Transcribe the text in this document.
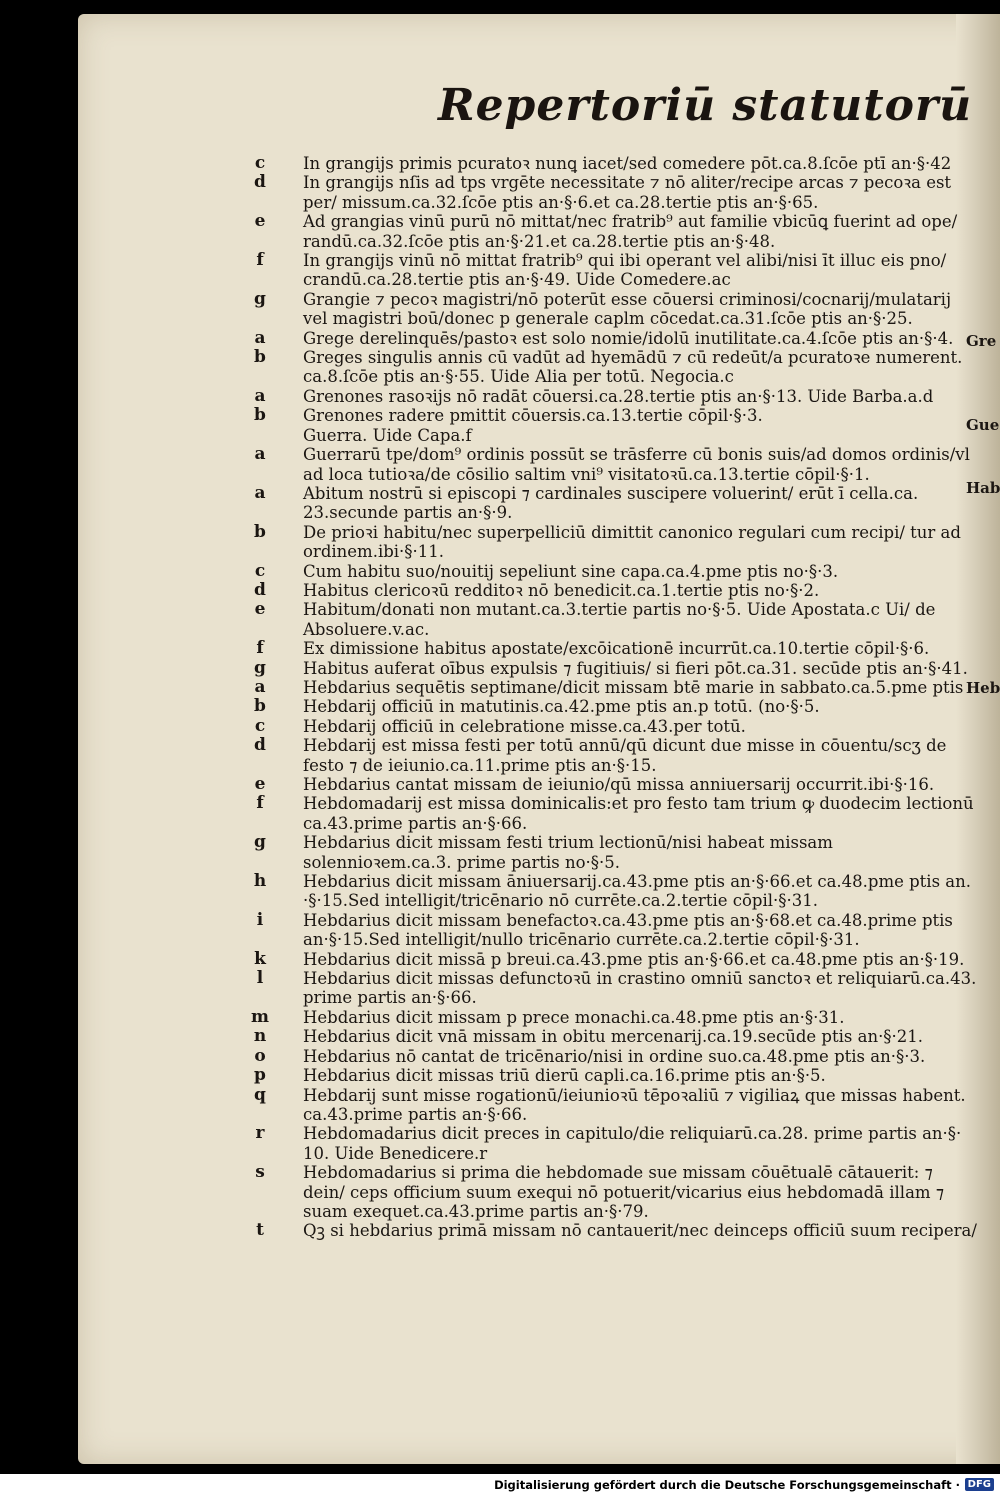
Repertoriū statutorū
c In grangijs primis pcuratoꝛ nunꝗ iacet/sed comedere pōt.ca.8.ſcōe ptī an·§·42
d In grangijs nſis ad tps vrgēte necessitate ⁊ nō aliter/recipe arcas ⁊ pecoꝛa est per/ missum.ca.32.ſcōe ptis an·§·6.et ca.28.tertie ptis an·§·65.
e Ad grangias vinū purū nō mittat/nec fratrib⁹ aut familie vbicūꝗ fuerint ad ope/ randū.ca.32.ſcōe ptis an·§·21.et ca.28.tertie ptis an·§·48.
f	In grangijs vinū nō mittat fratrib⁹ qui ibi operant vel alibi/nisi īt illuc eis pno/ crandū.ca.28.tertie ptis an·§·49. Uide Comedere.ac
g Grangie ⁊ pecoꝛ magistri/nō poterūt esse cōuersi criminosi/cocnarij/mulatarij vel magistri boū/donec p generale caplm cōcedat.ca.31.ſcōe ptis an·§·25.
a Grege derelinquēs/pastoꝛ est solo nomie/idolū inutilitate.ca.4.ſcōe ptis an·§·4.
b Greges singulis annis cū vadūt ad hyemādū ⁊ cū redeūt/a pcuratoꝛe numerent. ca.8.ſcōe ptis an·§·55. Uide Alia per totū. Negocia.c
a Grenones rasoꝛijs nō radāt cōuersi.ca.28.tertie ptis an·§·13. Uide Barba.a.d
b Grenones radere pmittit cōuersis.ca.13.tertie cōpil·§·3.
Guerra. Uide Capa.f
a Guerrarū tpe/dom⁹ ordinis possūt se trāsferre cū bonis suis/ad domos ordinis/vl ad loca tutioꝛa/de cōsilio saltim vni⁹ visitatoꝛū.ca.13.tertie cōpil·§·1.
a Abitum nostrū si episcopi ⁊ cardinales suscipere voluerint/ erūt ī cella.ca. 23.secunde partis an·§·9.
b De prioꝛi habitu/nec superpelliciū dimittit canonico regulari cum recipi/ tur ad ordinem.ibi·§·11.
c Cum habitu suo/nouitij sepeliunt sine capa.ca.4.pme ptis no·§·3.
d Habitus clericoꝛū redditoꝛ nō benedicit.ca.1.tertie ptis no·§·2.
e Habitum/donati non mutant.ca.3.tertie partis no·§·5. Uide Apostata.c Ui/ de Absoluere.v.ac.
f	Ex dimissione habitus apostate/excōicationē incurrūt.ca.10.tertie cōpil·§·6.
g Habitus auferat oībus expulsis ⁊ fugitiuis/ si fieri pōt.ca.31. secūde ptis an·§·41.
a Hebdarius sequētis septimane/dicit missam btē marie in sabbato.ca.5.pme ptis
b Hebdarij officiū in matutinis.ca.42.pme ptis an.p totū. (no·§·5.
c Hebdarij officiū in celebratione misse.ca.43.per totū.
d Hebdarij est missa festi per totū annū/qū dicunt due misse in cōuentu/scʒ de festo ⁊ de ieiunio.ca.11.prime ptis an·§·15.
e Hebdarius cantat missam de ieiunio/qū missa anniuersarij occurrit.ibi·§·16.
f	Hebdomadarij est missa dominicalis:et pro festo tam trium ꝙ duodecim lectionū ca.43.prime partis an·§·66.
g Hebdarius dicit missam festi trium lectionū/nisi habeat missam solennioꝛem.ca.3. prime partis no·§·5.
h Hebdarius dicit missam āniuersarij.ca.43.pme ptis an·§·66.et ca.48.pme ptis an. ·§·15.Sed intelligit/tricēnario nō currēte.ca.2.tertie cōpil·§·31.
i	Hebdarius dicit missam benefactoꝛ.ca.43.pme ptis an·§·68.et ca.48.prime ptis an·§·15.Sed intelligit/nullo tricēnario currēte.ca.2.tertie cōpil·§·31.
k Hebdarius dicit missā p breui.ca.43.pme ptis an·§·66.et ca.48.pme ptis an·§·19.
l	Hebdarius dicit missas defunctoꝛū in crastino omniū sanctoꝛ et reliquiarū.ca.43. prime partis an·§·66.
m Hebdarius dicit missam p prece monachi.ca.48.pme ptis an·§·31.
n Hebdarius dicit vnā missam in obitu mercenarij.ca.19.secūde ptis an·§·21.
o Hebdarius nō cantat de tricēnario/nisi in ordine suo.ca.48.pme ptis an·§·3.
p Hebdarius dicit missas triū dierū capli.ca.16.prime ptis an·§·5.
q Hebdarij sunt misse rogationū/ieiunioꝛū tēpoꝛaliū ⁊ vigiliaꝝ que missas habent. ca.43.prime partis an·§·66.
r	Hebdomadarius dicit preces in capitulo/die reliquiarū.ca.28. prime partis an·§· 10. Uide Benedicere.r
s	Hebdomadarius si prima die hebdomade sue missam cōuētualē cātauerit: ⁊ dein/ ceps officium suum exequi nō potuerit/vicarius eius hebdomadā illam ⁊ suam exequet.ca.43.prime partis an·§·79.
t	Qꝫ si hebdarius primā missam nō cantauerit/nec deinceps officiū suum recipera/
Gre
Gue
Hab
Heb
Digitalisierung gefördert durch die Deutsche Forschungsgemeinschaft · DFG
